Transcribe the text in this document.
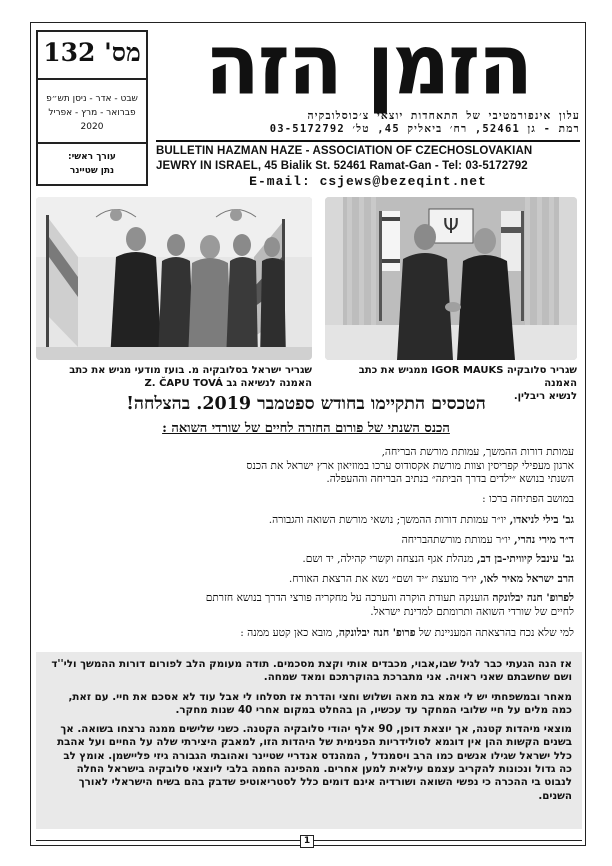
מס' 132
שבט - אדר - ניסן תש״פ
פברואר - מרץ - אפריל
2020
עורך ראשי:
נתן שטיינר
הזמן הזה
עלון אינפורמטיבי של התאחדות יוצאי צ׳כוסלובקיה
רמת - גן 52461, רח׳ ביאליק 45, טל׳ 03-5172792
BULLETIN HAZMAN HAZE - ASSOCIATION OF CZECHOSLOVAKIAN
JEWRY IN ISRAEL, 45 Bialik St. 52461 Ramat-Gan - Tel: 03-5172792
E-mail: csjews@bezeqint.net
Ψ
שגריר סלובקיה IGOR MAUKS ממגיש את כתב האמנה
לנשיא ריבלין.
שגריר ישראל בסלובקיה מ. בועז מודעי מגיש את כתב
האמנה לנשיאה גב Z. ČAPU TOVÁ
הטכסים התקיימו בחודש ספטמבר 2019. בהצלחה!
הכנס השנתי של פורום החזרה לחיים של שורדי השואה :
עמותת דורות ההמשך, עמותת מורשת הבריחה,
ארגון מעפילי קפריסין וצוות מורשת אקסודוס ערכו במוזיאון ארץ ישראל את הכנס
השנתי בנושא ״ילדים בדרך הביתה״ בנתיב הבריחה וההעפלה.
במושב הפתיחה ברכו :

גב' בילי לניאדו, יו״ר עמותת דורות ההמשך; נושאי מורשת השואה והגבורה.

ד״ר מירי נהרי, יו״ר עמותת מורשתהבריחה

גב' עינבל קיוויתי-בן דב, מנהלת אגף הנצחה וקשרי קהילה, יד ושם.

הרב ישראל מאיר לאו, יו״ר מועצת ״יד ושם״ נשא את הרצאת האורח.

לפרופ' חנה יבלונקה הוענקה תעודת הוקרה והערכה על מחקריה פורצי הדרך בנושא חזרתם

לחיים של שורדי השואה ותרומתם למדינת ישראל.

למי שלא נכח בהרצאתה המעניינת של פרופ' חנה יבלונקה, מובא כאן קטע ממנה :

אז הנה הגעתי כבר לגיל שבו,אבוי, מכבדים אותי וקצת מסכמים. תודה מעומק הלב לפורום דורות ההמשך ולי''ד ושם שחשבתם שאני ראויה. אני מתברכת בהוקרתכם ומאד שמחה.

מאחר ובמשפחתי יש לי אמא בת מאה ושלוש וחצי והדרת אז תסלחו לי אבל עוד לא אסכם את חיי. עם זאת, כמה מלים על חיי שלובי המחקר עד עכשיו, הן בהחלט במקום אחרי 40 שנות מחקר.

מוצאי מיהדות קטנה, אך יוצאת דופן, 90 אלף יהודי סלובקיה הקטנה. כשני שלישים ממנה נרצחו בשואה. אך בשנים הקשות ההן אין דוגמא לסולידריות הפנימית של היהדות הזו, למאבק היצירתי שלה על החיים ועל אהבת כלל ישראל שגילו אנשים כמו הרב ויסמנדל , המהנדס אנדריי שטיינר ואהובתי הגבורה גיזי פליישמן. אומץ לב כה גדול ונכונות להקריב עצמם עילאית למען אחרים. מהפינה החמה בלבי ליוצאי סלובקיה בישראל החלה לנבוט בי ההכרה כי נפשי השואה ושורדיה אינם דומים כלל לסטריאוטיפ שדבק בהם בשיח הישראלי לאורך השנים.

1
